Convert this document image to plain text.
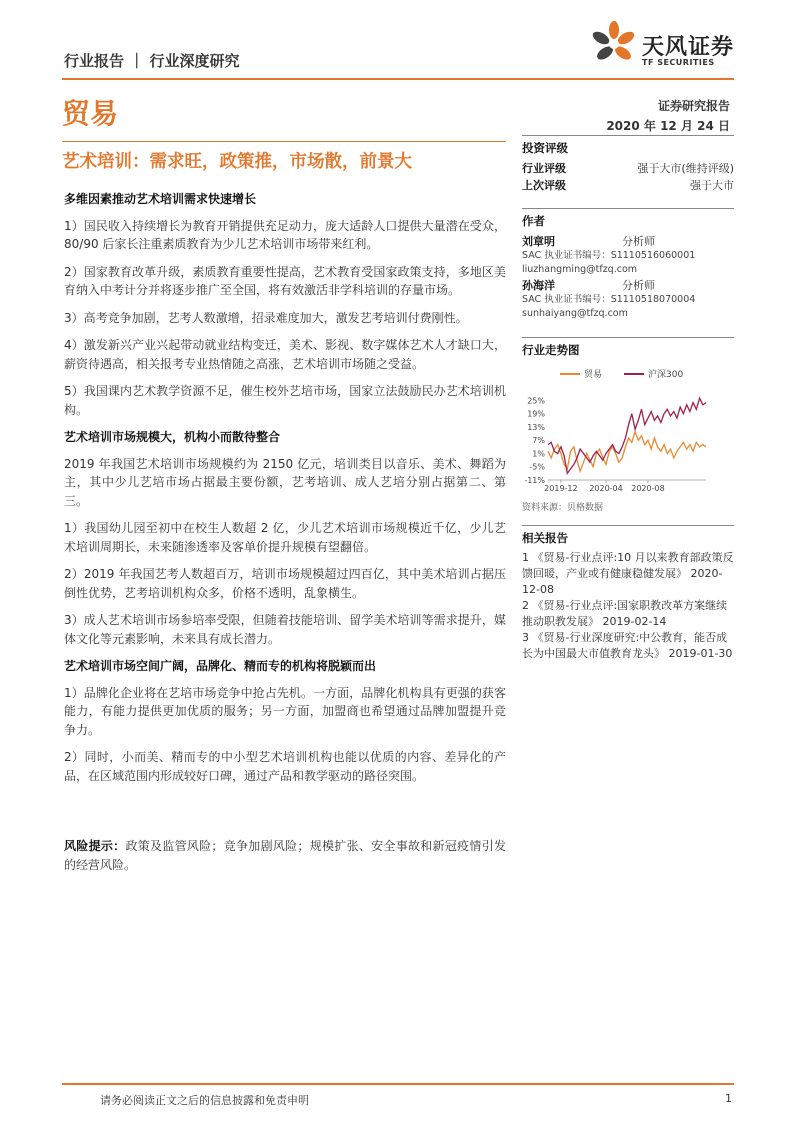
行业报告 ｜ 行业深度研究
天风证券
TF SECURITIES
贸易	证券研究报告
2020 年 12 月 24 日
艺术培训：需求旺，政策推，市场散，前景大
多维因素推动艺术培训需求快速增长

1）国民收入持续增长为教育开销提供充足动力，庞大适龄人口提供大量潜在受众，80/90 后家长注重素质教育为少儿艺术培训市场带来红利。

2）国家教育改革升级，素质教育重要性提高，艺术教育受国家政策支持，多地区美育纳入中考计分并将逐步推广至全国，将有效激活非学科培训的存量市场。

3）高考竞争加剧，艺考人数激增，招录难度加大，激发艺考培训付费刚性。

4）激发新兴产业兴起带动就业结构变迁，美术、影视、数字媒体艺术人才缺口大，薪资待遇高，相关报考专业热情随之高涨，艺术培训市场随之受益。

5）我国课内艺术教学资源不足，催生校外艺培市场，国家立法鼓励民办艺术培训机构。

艺术培训市场规模大，机构小而散待整合

2019 年我国艺术培训市场规模约为 2150 亿元，培训类目以音乐、美术、舞蹈为主，其中少儿艺培市场占据最主要份额，艺考培训、成人艺培分别占据第二、第三。

1）我国幼儿园至初中在校生人数超 2 亿，少儿艺术培训市场规模近千亿，少儿艺术培训周期长，未来随渗透率及客单价提升规模有望翻倍。

2）2019 年我国艺考人数超百万，培训市场规模超过四百亿，其中美术培训占据压倒性优势，艺考培训机构众多，价格不透明，乱象横生。

3）成人艺术培训市场参培率受限，但随着技能培训、留学美术培训等需求提升，媒体文化等元素影响，未来具有成长潜力。

艺术培训市场空间广阔，品牌化、精而专的机构将脱颖而出

1）品牌化企业将在艺培市场竞争中抢占先机。一方面，品牌化机构具有更强的获客能力，有能力提供更加优质的服务；另一方面，加盟商也希望通过品牌加盟提升竞争力。

2）同时，小而美、精而专的中小型艺术培训机构也能以优质的内容、差异化的产品，在区域范围内形成较好口碑，通过产品和教学驱动的路径突围。

风险提示：政策及监管风险；竞争加剧风险；规模扩张、安全事故和新冠疫情引发的经营风险。

投资评级
行业评级	强于大市(维持评级)
上次评级	强于大市
作者
刘章明	分析师
SAC 执业证书编号：S1110516060001
liuzhangming@tfzq.com
孙海洋	分析师
SAC 执业证书编号：S1110518070004
sunhaiyang@tfzq.com
行业走势图
贸易	沪深300
25%
19%
13%
7%
1%
-5%
-11%
2019-12 2020-04 2020-08
资料来源：贝格数据
相关报告
1 《贸易-行业点评:10 月以来教育部政策反馈回暖，产业或有健康稳健发展》 2020-12-08
2 《贸易-行业点评:国家职教改革方案继续推动职教发展》 2019-02-14
3 《贸易-行业深度研究:中公教育，能否成长为中国最大市值教育龙头》 2019-01-30
请务必阅读正文之后的信息披露和免责申明	1
